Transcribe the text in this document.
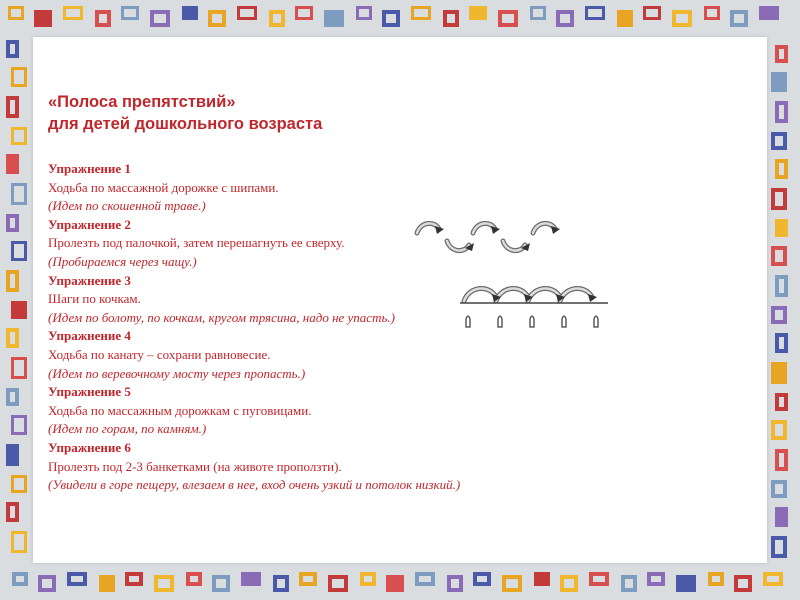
«Полоса препятствий»
для детей дошкольного возраста
Упражнение 1
Ходьба по массажной дорожке с шипами.
(Идем по скошенной траве.)
Упражнение 2
Пролезть под палочкой, затем перешагнуть ее сверху.
(Пробираемся через чащу.)
Упражнение 3
Шаги по кочкам.
(Идем по болоту, по кочкам, кругом трясина, надо не упасть.)
Упражнение 4
Ходьба по канату – сохрани равновесие.
(Идем по веревочному мосту через пропасть.)
Упражнение 5
Ходьба по массажным дорожкам с пуговицами.
(Идем по горам, по камням.)
Упражнение 6
Пролезть под 2-3 банкетками (на животе проползти).
(Увидели в горе пещеру, влезаем в нее, вход очень узкий и потолок низкий.)
